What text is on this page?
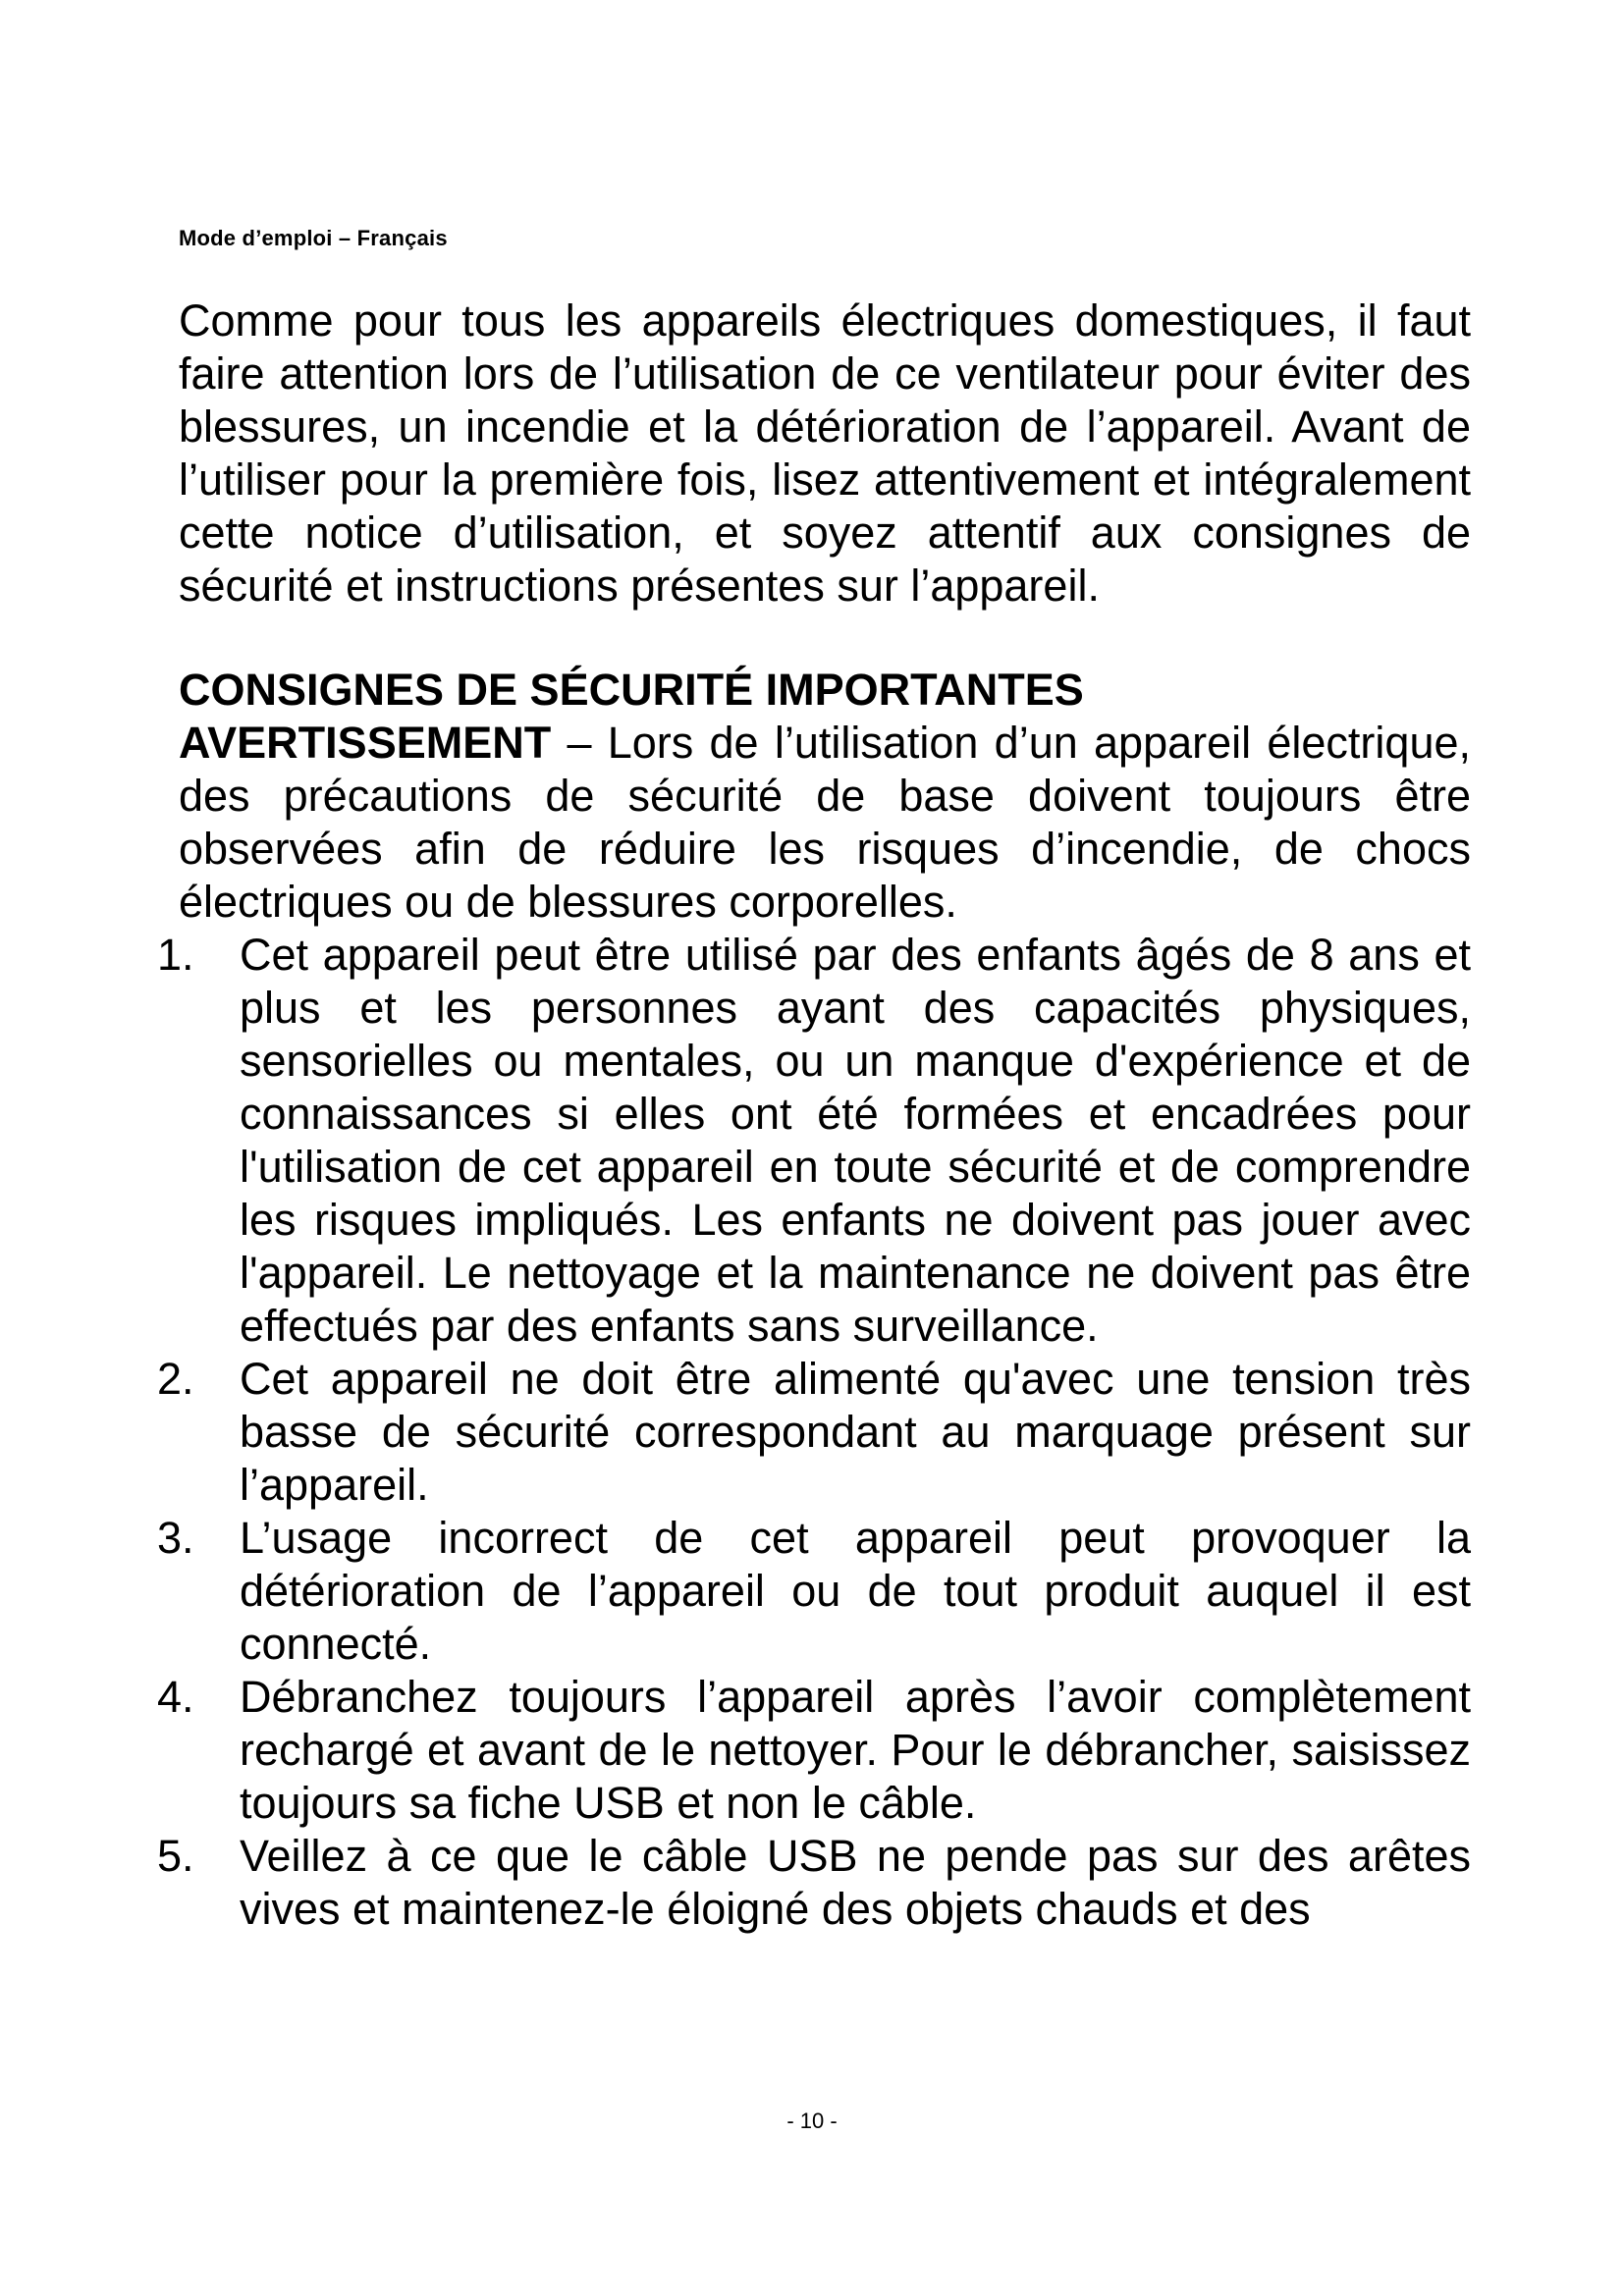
Mode d’emploi – Français

Comme pour tous les appareils électriques domestiques, il faut faire attention lors de l’utilisation de ce ventilateur pour éviter des blessures, un incendie et la détérioration de l’appareil. Avant de l’utiliser pour la première fois, lisez attentivement et intégralement cette notice d’utilisation, et soyez attentif aux consignes de sécurité et instructions présentes sur l’appareil.

CONSIGNES DE SÉCURITÉ IMPORTANTES

AVERTISSEMENT – Lors de l’utilisation d’un appareil électrique, des précautions de sécurité de base doivent toujours être observées afin de réduire les risques d’incendie, de chocs électriques ou de blessures corporelles.

1. Cet appareil peut être utilisé par des enfants âgés de 8 ans et plus et les personnes ayant des capacités physiques, sensorielles ou mentales, ou un manque d'expérience et de connaissances si elles ont été formées et encadrées pour l'utilisation de cet appareil en toute sécurité et de comprendre les risques impliqués. Les enfants ne doivent pas jouer avec l'appareil. Le nettoyage et la maintenance ne doivent pas être effectués par des enfants sans surveillance.
2. Cet appareil ne doit être alimenté qu'avec une tension très basse de sécurité correspondant au marquage présent sur l’appareil.
3. L’usage incorrect de cet appareil peut provoquer la détérioration de l’appareil ou de tout produit auquel il est connecté.
4. Débranchez toujours l’appareil après l’avoir complètement rechargé et avant de le nettoyer. Pour le débrancher, saisissez toujours sa fiche USB et non le câble.
5. Veillez à ce que le câble USB ne pende pas sur des arêtes vives et maintenez-le éloigné des objets chauds et des
- 10 -
